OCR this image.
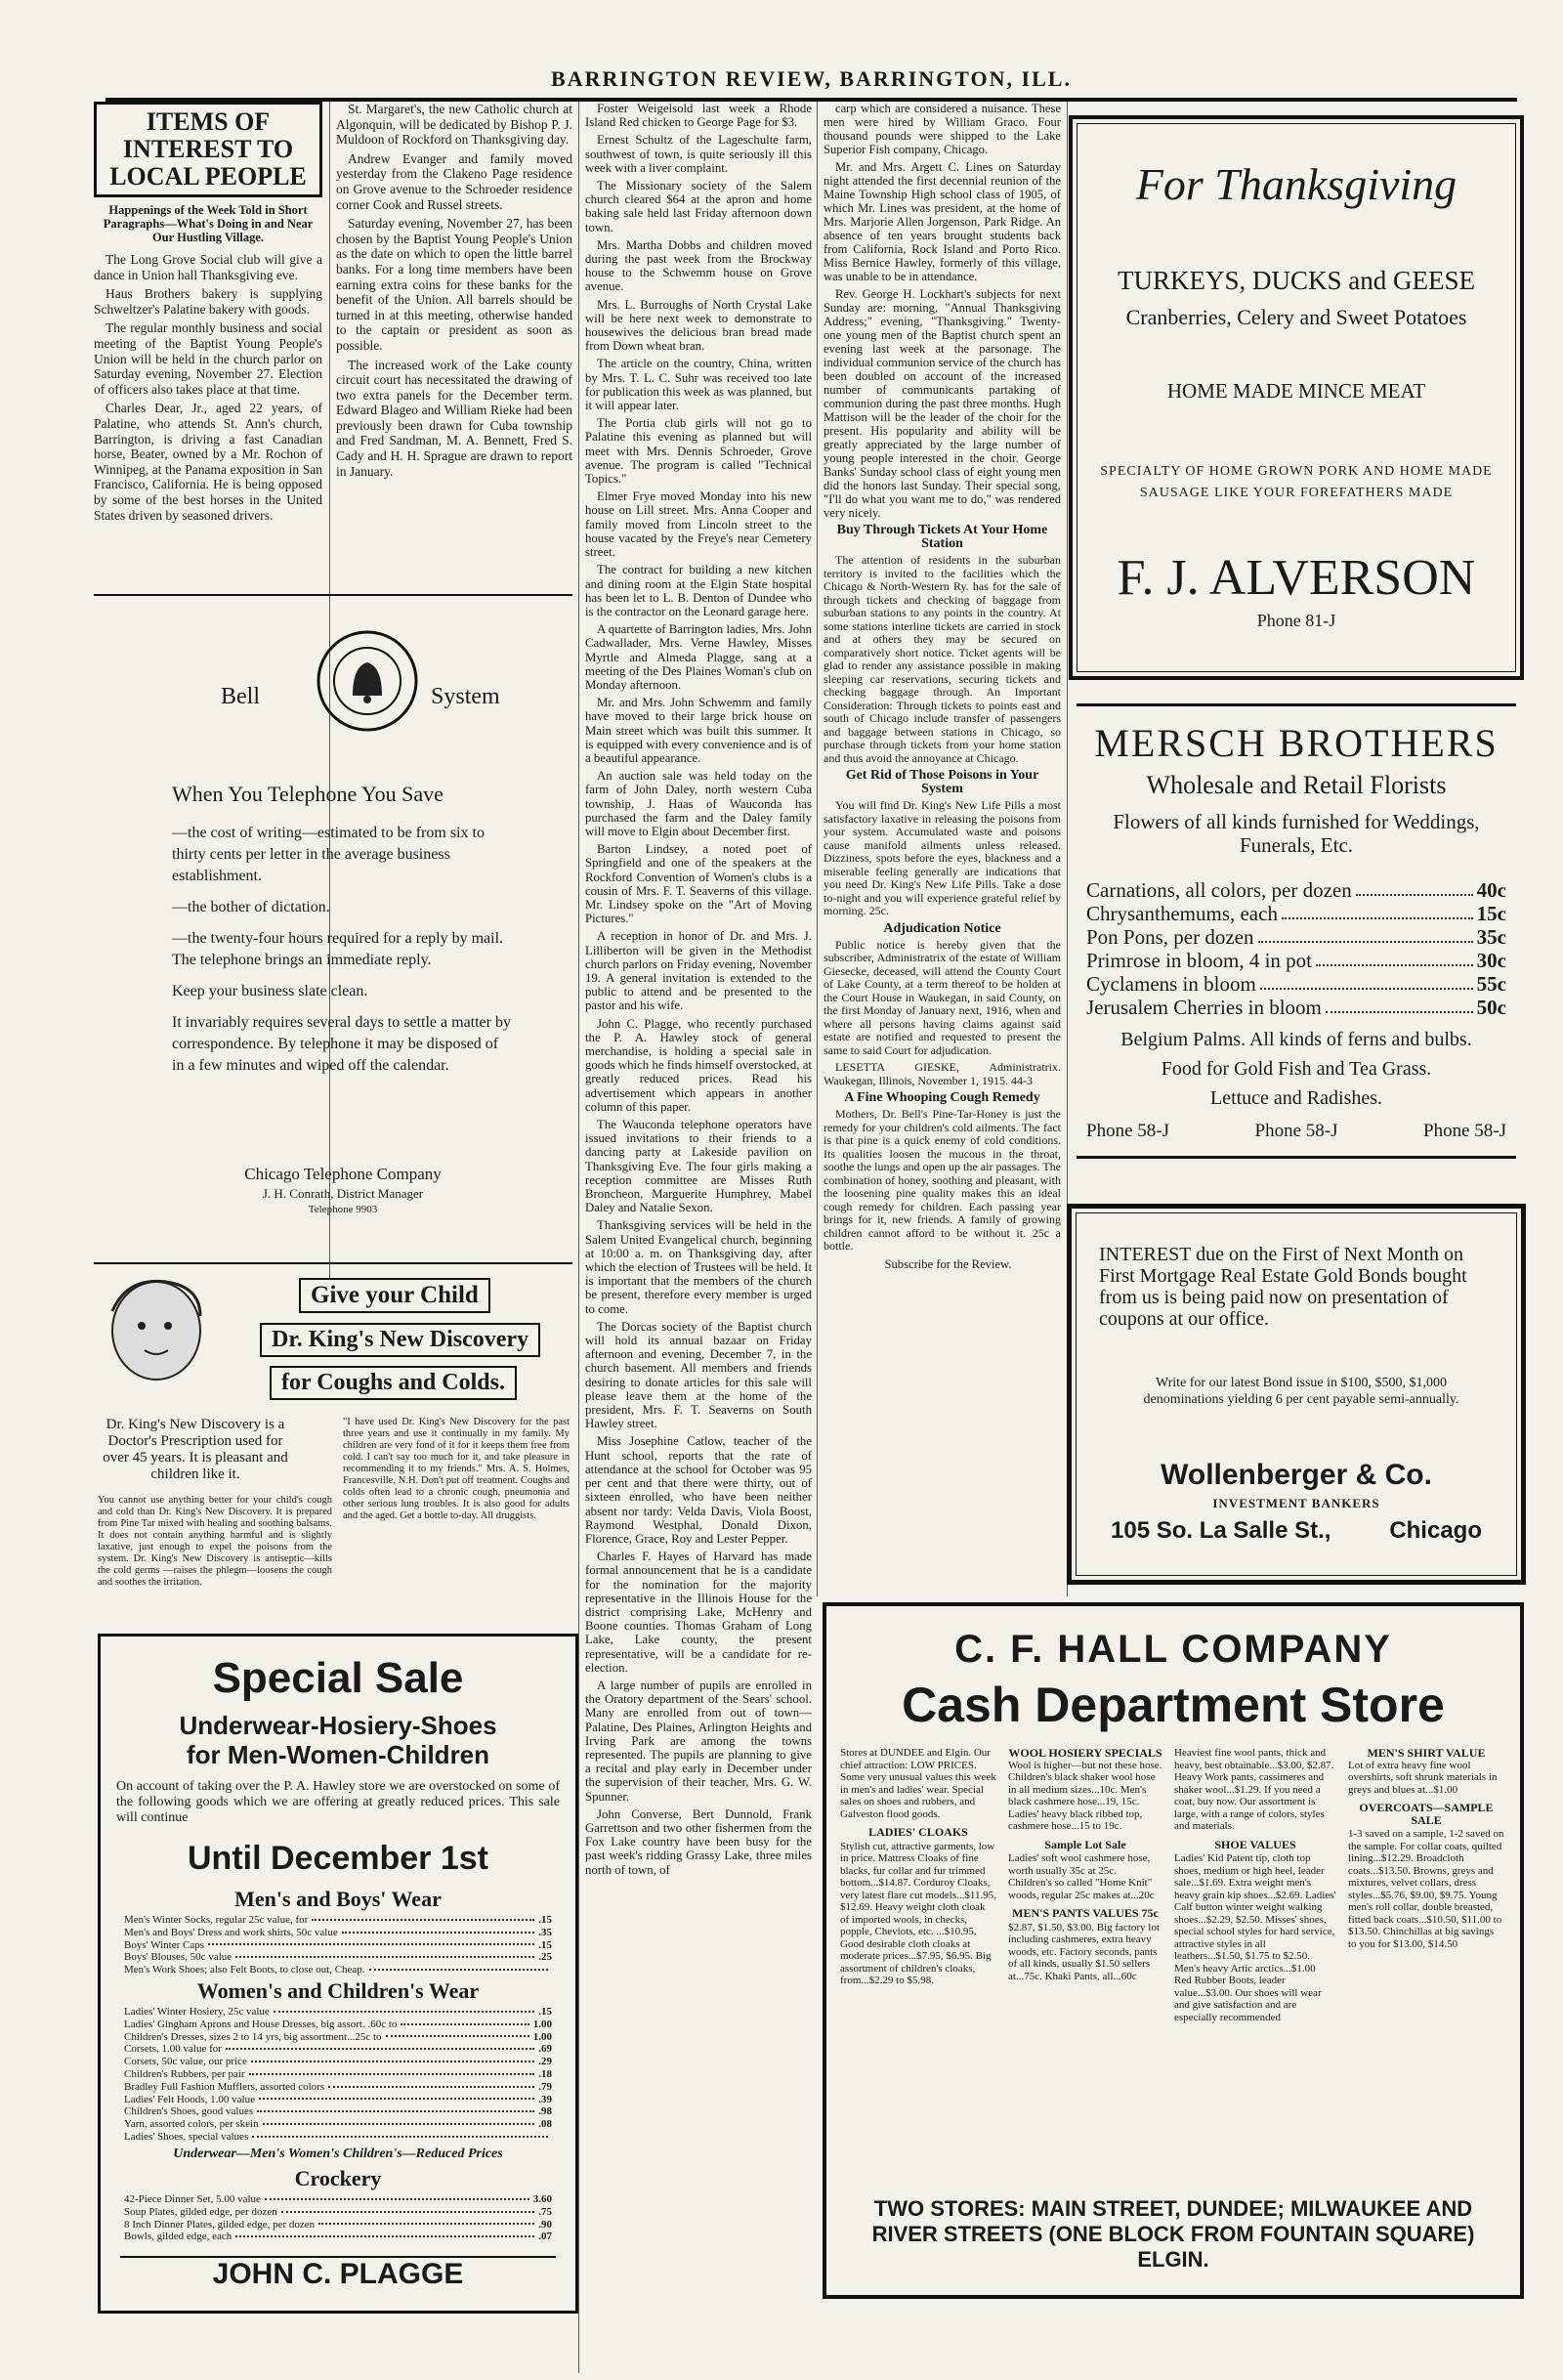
BARRINGTON REVIEW, BARRINGTON, ILL.
ITEMS OF INTEREST TO LOCAL PEOPLE
Happenings of the Week Told in Short Paragraphs—What's Doing in and Near Our Hustling Village.

The Long Grove Social club will give a dance in Union hall Thanksgiving eve.

Haus Brothers bakery is supplying Schweltzer's Palatine bakery with goods.

The regular monthly business and social meeting of the Baptist Young People's Union will be held in the church parlor on Saturday evening, November 27. Election of officers also takes place at that time.

Charles Dear, Jr., aged 22 years, of Palatine, who attends St. Ann's church, Barrington, is driving a fast Canadian horse, Beater, owned by a Mr. Rochon of Winnipeg, at the Panama exposition in San Francisco, California. He is being opposed by some of the best horses in the United States driven by seasoned drivers.

St. Margaret's, the new Catholic church at Algonquin, will be dedicated by Bishop P. J. Muldoon of Rockford on Thanksgiving day.

Andrew Evanger and family moved yesterday from the Clakeno Page residence on Grove avenue to the Schroeder residence corner Cook and Russel streets.

Saturday evening, November 27, has been chosen by the Baptist Young People's Union as the date on which to open the little barrel banks. For a long time members have been earning extra coins for these banks for the benefit of the Union. All barrels should be turned in at this meeting, otherwise handed to the captain or president as soon as possible.

The increased work of the Lake county circuit court has necessitated the drawing of two extra panels for the December term. Edward Blageo and William Rieke had been previously been drawn for Cuba township and Fred Sandman, M. A. Bennett, Fred S. Cady and H. H. Sprague are drawn to report in January.

Bell	System
When You Telephone You Save
—the cost of writing—estimated to be from six to thirty cents per letter in the average business establishment.
—the bother of dictation.
—the twenty-four hours required for a reply by mail. The telephone brings an immediate reply.
Keep your business slate clean.
It invariably requires several days to settle a matter by correspondence. By telephone it may be disposed of in a few minutes and wiped off the calendar.
Chicago Telephone Company
J. H. Conrath, District Manager
Telephone 9903
Give your Child
Dr. King's New Discovery
for Coughs and Colds.
Dr. King's New Discovery is a Doctor's Prescription used for over 45 years. It is pleasant and children like it.
You cannot use anything better for your child's cough and cold than Dr. King's New Discovery. It is prepared from Pine Tar mixed with healing and soothing balsams. It does not contain anything harmful and is slightly laxative, just enough to expel the poisons from the system. Dr. King's New Discovery is antiseptic—kills the cold germs —raises the phlegm—loosens the cough and soothes the irritation.
"I have used Dr. King's New Discovery for the past three years and use it continually in my family. My children are very fond of it for it keeps them free from cold. I can't say too much for it, and take pleasure in recommending it to my friends." Mrs. A. S. Holmes, Francesville, N.H. Don't put off treatment. Coughs and colds often lead to a chronic cough, pneumonia and other serious lung troubles. It is also good for adults and the aged. Get a bottle to-day. All druggists.
Special Sale
Underwear-Hosiery-Shoes
for Men-Women-Children
On account of taking over the P. A. Hawley store we are overstocked on some of the following goods which we are offering at greatly reduced prices. This sale will continue
Until December 1st
Men's and Boys' Wear
Men's Winter Socks, regular 25c value, for	.15
Men's and Boys' Dress and work shirts, 50c value	.35
Boys' Winter Caps	.15
Boys' Blouses, 50c value	.25
Men's Work Shoes; also Felt Boots, to close out, Cheap.
Women's and Children's Wear
Ladies' Winter Hosiery, 25c value	.15
Ladies' Gingham Aprons and House Dresses, big assort. .60c to	1.00
Children's Dresses, sizes 2 to 14 yrs, big assortment...25c to	1.00
Corsets, 1.00 value for	.69
Corsets, 50c value, our price	.29
Children's Rubbers, per pair	.18
Bradley Full Fashion Mufflers, assorted colors	.79
Ladies' Felt Hoods, 1.00 value	.39
Children's Shoes, good values	.98
Yarn, assorted colors, per skein	.08
Ladies' Shoes, special values
Underwear—Men's Women's Children's—Reduced Prices
Crockery
42-Piece Dinner Set, 5.00 value	3.60
Soup Plates, gilded edge, per dozen	.75
8 Inch Dinner Plates, gilded edge, per dozen	.90
Bowls, gilded edge, each	.07
JOHN C. PLAGGE

Foster Weigelsold last week a Rhode Island Red chicken to George Page for $3.

Ernest Schultz of the Lageschulte farm, southwest of town, is quite seriously ill this week with a liver complaint.

The Missionary society of the Salem church cleared $64 at the apron and home baking sale held last Friday afternoon down town.

Mrs. Martha Dobbs and children moved during the past week from the Brockway house to the Schwemm house on Grove avenue.

Mrs. L. Burroughs of North Crystal Lake will be here next week to demonstrate to housewives the delicious bran bread made from Down wheat bran.

The article on the country, China, written by Mrs. T. L. C. Suhr was received too late for publication this week as was planned, but it will appear later.

The Portia club girls will not go to Palatine this evening as planned but will meet with Mrs. Dennis Schroeder, Grove avenue. The program is called "Technical Topics."

Elmer Frye moved Monday into his new house on Lill street. Mrs. Anna Cooper and family moved from Lincoln street to the house vacated by the Freye's near Cemetery street.

The contract for building a new kitchen and dining room at the Elgin State hospital has been let to L. B. Denton of Dundee who is the contractor on the Leonard garage here.

A quartette of Barrington ladies, Mrs. John Cadwallader, Mrs. Verne Hawley, Misses Myrtle and Almeda Plagge, sang at a meeting of the Des Plaines Woman's club on Monday afternoon.

Mr. and Mrs. John Schwemm and family have moved to their large brick house on Main street which was built this summer. It is equipped with every convenience and is of a beautiful appearance.

An auction sale was held today on the farm of John Daley, north western Cuba township, J. Haas of Wauconda has purchased the farm and the Daley family will move to Elgin about December first.

Barton Lindsey, a noted poet of Springfield and one of the speakers at the Rockford Convention of Women's clubs is a cousin of Mrs. F. T. Seaverns of this village. Mr. Lindsey spoke on the "Art of Moving Pictures."

A reception in honor of Dr. and Mrs. J. Lilliberton will be given in the Methodist church parlors on Friday evening, November 19. A general invitation is extended to the public to attend and be presented to the pastor and his wife.

John C. Plagge, who recently purchased the P. A. Hawley stock of general merchandise, is holding a special sale in goods which he finds himself overstocked, at greatly reduced prices. Read his advertisement which appears in another column of this paper.

The Wauconda telephone operators have issued invitations to their friends to a dancing party at Lakeside pavilion on Thanksgiving Eve. The four girls making a reception committee are Misses Ruth Broncheon, Marguerite Humphrey, Mabel Daley and Natalie Sexon.

Thanksgiving services will be held in the Salem United Evangelical church, beginning at 10:00 a. m. on Thanksgiving day, after which the election of Trustees will be held. It is important that the members of the church be present, therefore every member is urged to come.

The Dorcas society of the Baptist church will hold its annual bazaar on Friday afternoon and evening, December 7, in the church basement. All members and friends desiring to donate articles for this sale will please leave them at the home of the president, Mrs. F. T. Seaverns on South Hawley street.

Miss Josephine Catlow, teacher of the Hunt school, reports that the rate of attendance at the school for October was 95 per cent and that there were thirty, out of sixteen enrolled, who have been neither absent nor tardy: Velda Davis, Viola Boost, Raymond Westphal, Donald Dixon, Florence, Grace, Roy and Lester Pepper.

Charles F. Hayes of Harvard has made formal announcement that he is a candidate for the nomination for the majority representative in the Illinois House for the district comprising Lake, McHenry and Boone counties. Thomas Graham of Long Lake, Lake county, the present representative, will be a candidate for re-election.

A large number of pupils are enrolled in the Oratory department of the Sears' school. Many are enrolled from out of town—Palatine, Des Plaines, Arlington Heights and Irving Park are among the towns represented. The pupils are planning to give a recital and play early in December under the supervision of their teacher, Mrs. G. W. Spunner.

John Converse, Bert Dunnold, Frank Garrettson and two other fishermen from the Fox Lake country have been busy for the past week's ridding Grassy Lake, three miles north of town, of

carp which are considered a nuisance. These men were hired by William Graco. Four thousand pounds were shipped to the Lake Superior Fish company, Chicago.

Mr. and Mrs. Argett C. Lines on Saturday night attended the first decennial reunion of the Maine Township High school class of 1905, of which Mr. Lines was president, at the home of Mrs. Marjorie Allen Jorgenson, Park Ridge. An absence of ten years brought students back from California, Rock Island and Porto Rico. Miss Bernice Hawley, formerly of this village, was unable to be in attendance.

Rev. George H. Lockhart's subjects for next Sunday are: morning, "Annual Thanksgiving Address;" evening, "Thanksgiving." Twenty-one young men of the Baptist church spent an evening last week at the parsonage. The individual communion service of the church has been doubled on account of the increased number of communicants partaking of communion during the past three months. Hugh Mattison will be the leader of the choir for the present. His popularity and ability will be greatly appreciated by the large number of young people interested in the choir. George Banks' Sunday school class of eight young men did the honors last Sunday. Their special song, "I'll do what you want me to do," was rendered very nicely.

Buy Through Tickets At Your Home Station

The attention of residents in the suburban territory is invited to the facilities which the Chicago & North-Western Ry. has for the sale of through tickets and checking of baggage from suburban stations to any points in the country. At some stations interline tickets are carried in stock and at others they may be secured on comparatively short notice. Ticket agents will be glad to render any assistance possible in making sleeping car reservations, securing tickets and checking baggage through. An Important Consideration: Through tickets to points east and south of Chicago include transfer of passengers and baggage between stations in Chicago, so purchase through tickets from your home station and thus avoid the annoyance at Chicago.

Get Rid of Those Poisons in Your System

You will find Dr. King's New Life Pills a most satisfactory laxative in releasing the poisons from your system. Accumulated waste and poisons cause manifold ailments unless released. Dizziness, spots before the eyes, blackness and a miserable feeling generally are indications that you need Dr. King's New Life Pills. Take a dose to-night and you will experience grateful relief by morning. 25c.

Adjudication Notice

Public notice is hereby given that the subscriber, Administratrix of the estate of William Giesecke, deceased, will attend the County Court of Lake County, at a term thereof to be holden at the Court House in Waukegan, in said County, on the first Monday of January next, 1916, when and where all persons having claims against said estate are notified and requested to present the same to said Court for adjudication.

LESETTA GIESKE, Administratrix. Waukegan, Illinois, November 1, 1915. 44-3

A Fine Whooping Cough Remedy

Mothers, Dr. Bell's Pine-Tar-Honey is just the remedy for your children's cold ailments. The fact is that pine is a quick enemy of cold conditions. Its qualities loosen the mucous in the throat, soothe the lungs and open up the air passages. The combination of honey, soothing and pleasant, with the loosening pine quality makes this an ideal cough remedy for children. Each passing year brings for it, new friends. A family of growing children cannot afford to be without it. 25c a bottle.

Subscribe for the Review.

For Thanksgiving
TURKEYS, DUCKS and GEESE
Cranberries, Celery and Sweet Potatoes
HOME MADE MINCE MEAT
SPECIALTY OF HOME GROWN PORK AND HOME MADE SAUSAGE LIKE YOUR FOREFATHERS MADE
F. J. ALVERSON
Phone 81-J
MERSCH BROTHERS
Wholesale and Retail Florists
Flowers of all kinds furnished for Weddings, Funerals, Etc.
Carnations, all colors, per dozen	40c
Chrysanthemums, each	15c
Pon Pons, per dozen	35c
Primrose in bloom, 4 in pot	30c
Cyclamens in bloom	55c
Jerusalem Cherries in bloom	50c
Belgium Palms. All kinds of ferns and bulbs.
Food for Gold Fish and Tea Grass.
Lettuce and Radishes.
Phone 58-J	Phone 58-J	Phone 58-J
INTEREST due on the First of Next Month on First Mortgage Real Estate Gold Bonds bought from us is being paid now on presentation of coupons at our office.
Write for our latest Bond issue in $100, $500, $1,000 denominations yielding 6 per cent payable semi-annually.
Wollenberger & Co.
INVESTMENT BANKERS
105 So. La Salle St., Chicago
C. F. HALL COMPANY
Cash Department Store
Stores at DUNDEE and Elgin. Our chief attraction: LOW PRICES. Some very unusual values this week in men's and ladies' wear. Special sales on shoes and rubbers, and Galveston flood goods.
LADIES' CLOAKS
Stylish cut, attractive garments, low in price. Mattress Cloaks of fine blacks, fur collar and fur trimmed bottom...$14.87. Corduroy Cloaks, very latest flare cut models...$11.95, $12.69. Heavy weight cloth cloak of imported wools, in checks, popple, Cheviots, etc. ...$10.95. Good desirable cloth cloaks at moderate prices...$7.95, $6.95. Big assortment of children's cloaks, from...$2.29 to $5.98.
WOOL HOSIERY SPECIALS
Wool is higher—but not these hose. Children's black shaker wool hose in all medium sizes...10c. Men's black cashmere hose...19, 15c. Ladies' heavy black ribbed top, cashmere hose...15 to 19c.
Sample Lot Sale
Ladies' soft wool cashmere hose, worth usually 35c at 25c. Children's so called "Home Knit" woods, regular 25c makes at...20c
MEN'S PANTS VALUES 75c
$2.87, $1.50, $3.00. Big factory lot including cashmeres, extra heavy woods, etc. Factory seconds, pants of all kinds, usually $1.50 sellers at...75c. Khaki Pants, all...60c
Heaviest fine wool pants, thick and heavy, best obtainable...$3.00, $2.87. Heavy Work pants, cassimeres and shaker wool...$1.29. If you need a coat, buy now. Our assortment is large, with a range of colors, styles and materials.
SHOE VALUES
Ladies' Kid Patent tip, cloth top shoes, medium or high heel, leader sale...$1.69. Extra weight men's heavy grain kip shoes...$2.69. Ladies' Calf button winter weight walking shoes...$2.29, $2.50. Misses' shoes, special school styles for hard service, attractive styles in all leathers...$1.50, $1.75 to $2.50. Men's heavy Artic arctics...$1.00
Red Rubber Boots, leader value...$3.00. Our shoes will wear and give satisfaction and are especially recommended
MEN'S SHIRT VALUE
Lot of extra heavy fine wool overshirts, soft shrunk materials in greys and blues at...$1.00
OVERCOATS—SAMPLE SALE
1-3 saved on a sample, 1-2 saved on the sample. For collar coats, quilted lining...$12.29. Broadcloth coats...$13.50. Browns, greys and mixtures, velvet collars, dress styles...$5.76, $9.00, $9.75. Young men's roll collar, double breasted, fitted back coats...$10.50, $11.00 to $13.50. Chinchillas at big savings to you for $13.00, $14.50
TWO STORES: MAIN STREET, DUNDEE; MILWAUKEE AND RIVER STREETS (ONE BLOCK FROM FOUNTAIN SQUARE) ELGIN.
